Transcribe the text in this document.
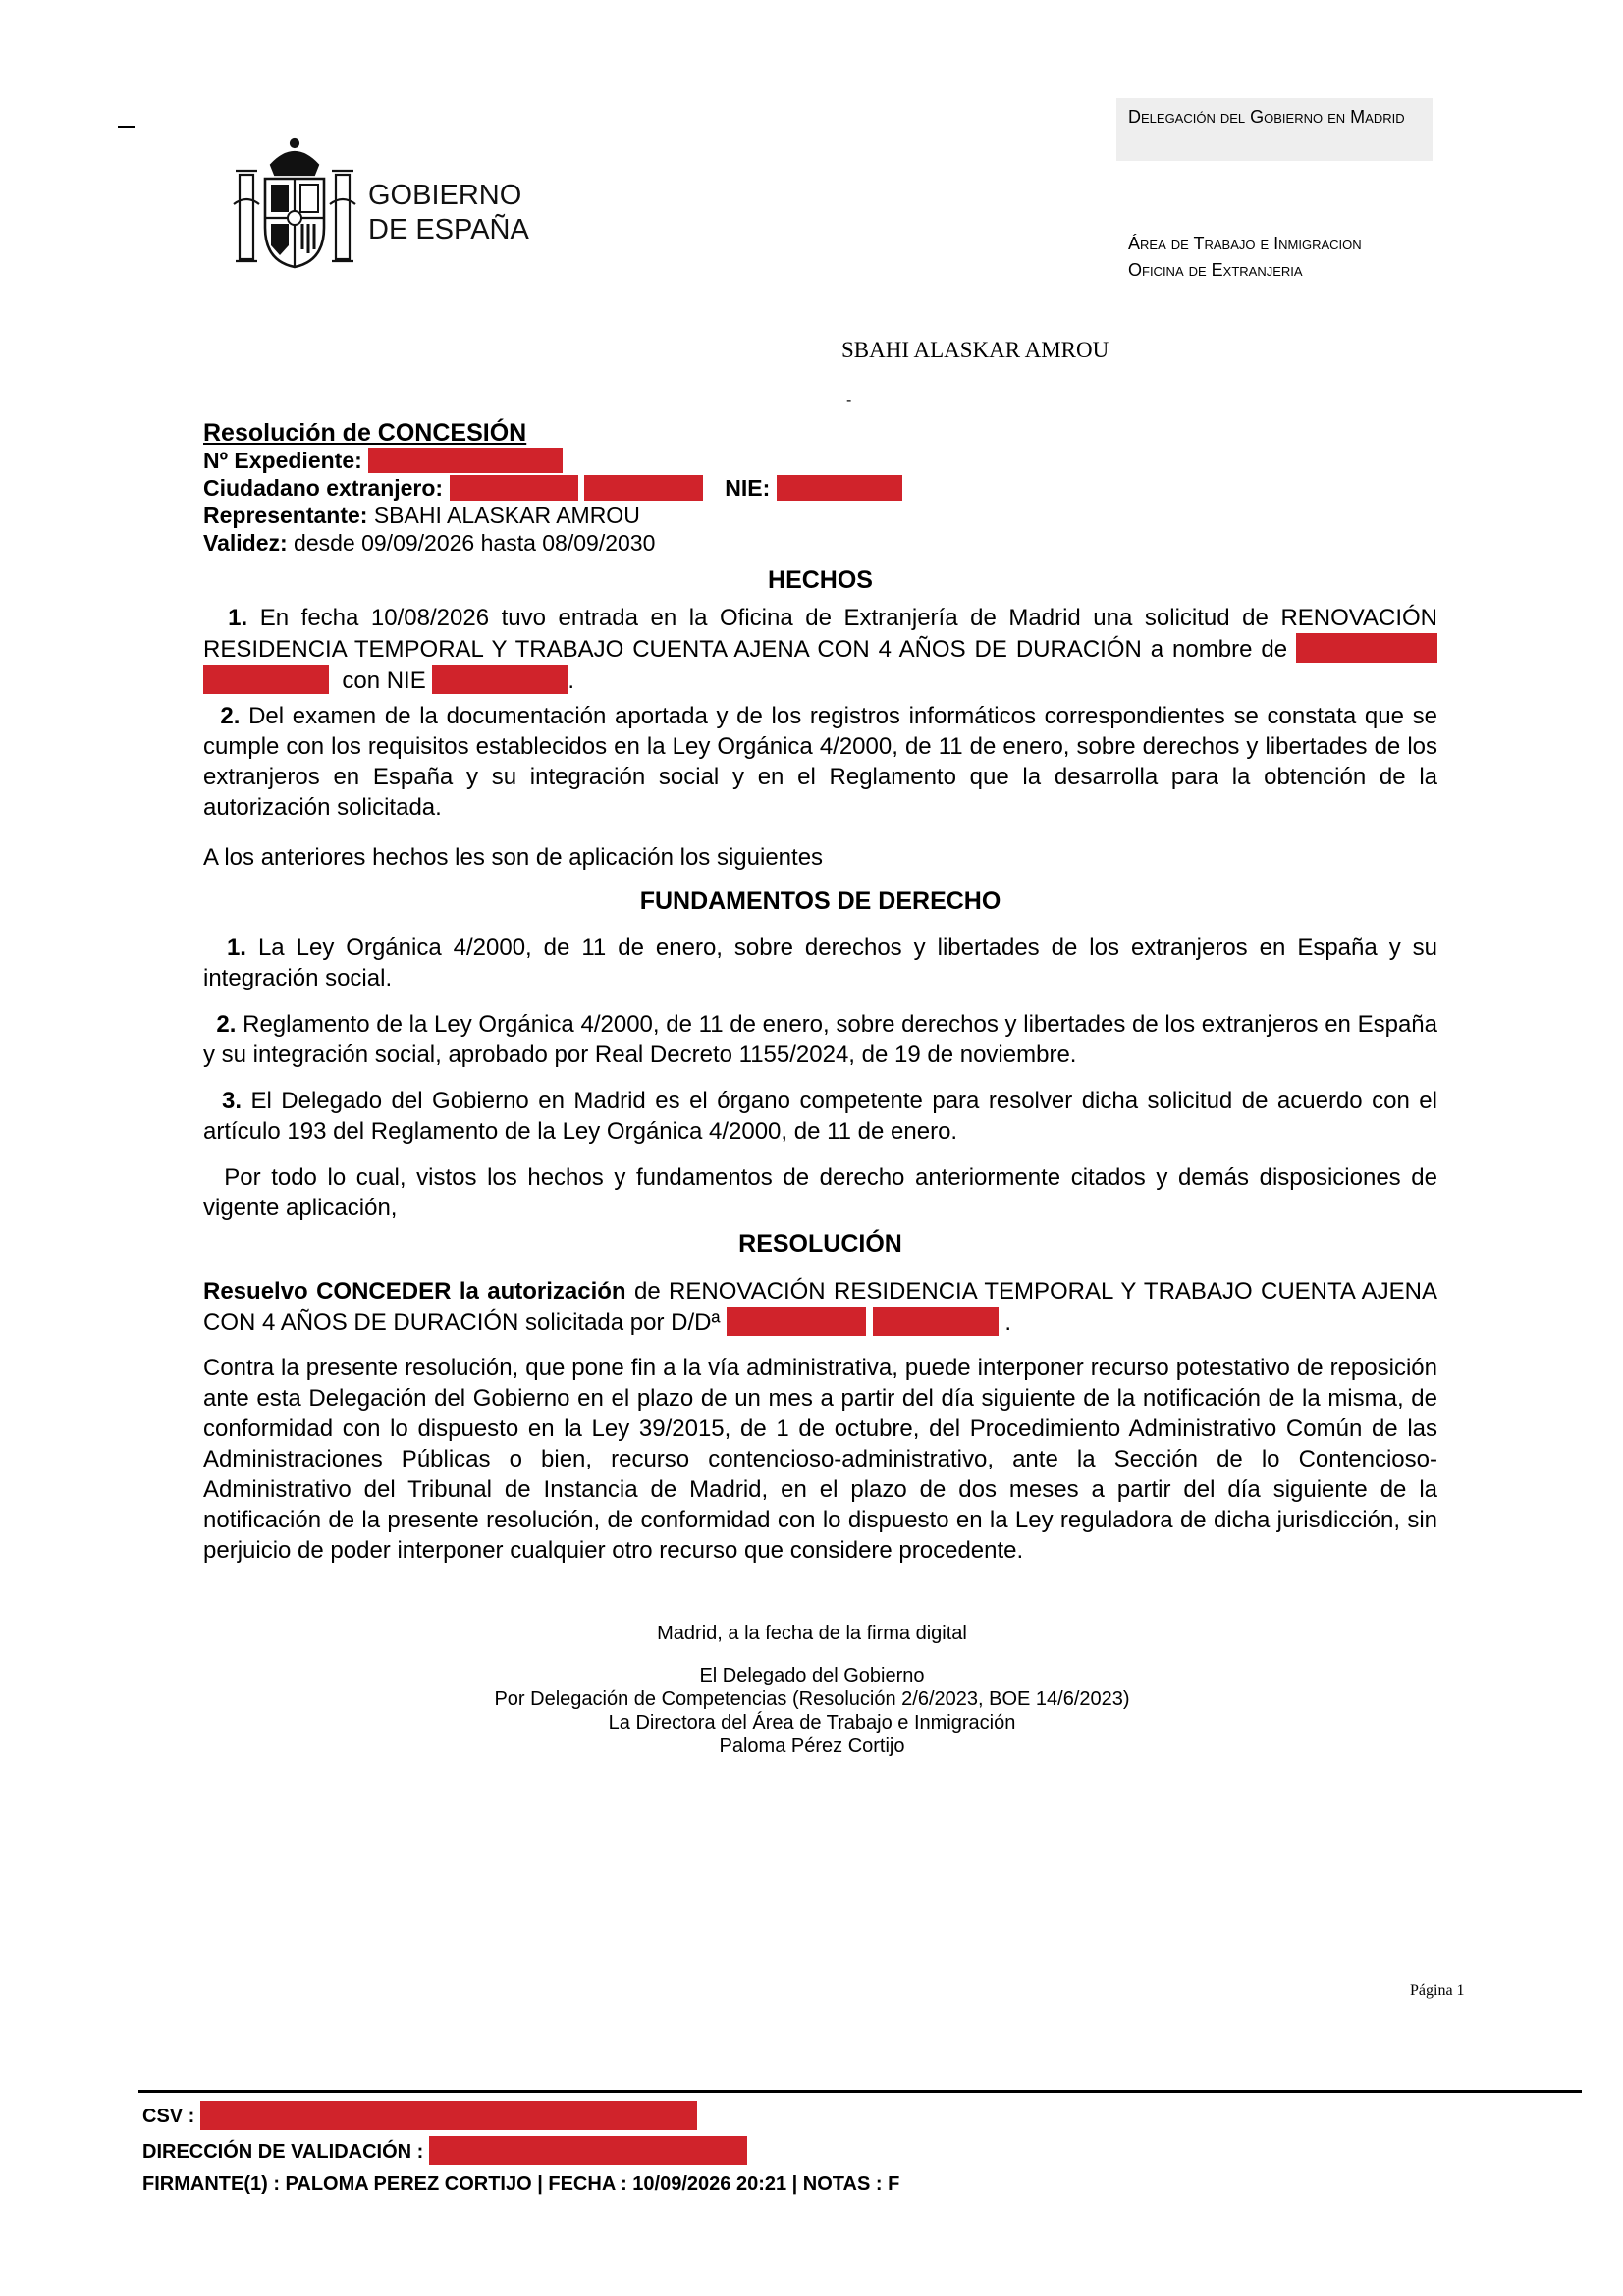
GOBIERNO
DE ESPAÑA
Delegación del Gobierno en Madrid
Área de Trabajo e Inmigracion
Oficina de Extranjeria
SBAHI ALASKAR AMROU
-
Resolución de CONCESIÓN
Nº Expediente:
Ciudadano extranjero:	NIE:
Representante: SBAHI ALASKAR AMROU
Validez: desde 09/09/2026 hasta 08/09/2030
HECHOS
1. En fecha 10/08/2026 tuvo entrada en la Oficina de Extranjería de Madrid una solicitud de RENOVACIÓN RESIDENCIA TEMPORAL Y TRABAJO CUENTA AJENA CON 4 AÑOS DE DURACIÓN a nombre de    con NIE	.
2. Del examen de la documentación aportada y de los registros informáticos correspondientes se constata que se cumple con los requisitos establecidos en la Ley Orgánica 4/2000, de 11 de enero, sobre derechos y libertades de los extranjeros en España y su integración social y en el Reglamento que la desarrolla para la obtención de la autorización solicitada.
A los anteriores hechos les son de aplicación los siguientes
FUNDAMENTOS DE DERECHO
1. La Ley Orgánica 4/2000, de 11 de enero, sobre derechos y libertades de los extranjeros en España y su integración social.
2. Reglamento de la Ley Orgánica 4/2000, de 11 de enero, sobre derechos y libertades de los extranjeros en España y su integración social, aprobado por Real Decreto 1155/2024, de 19 de noviembre.
3. El Delegado del Gobierno en Madrid es el órgano competente para resolver dicha solicitud de acuerdo con el artículo 193 del Reglamento de la Ley Orgánica 4/2000, de 11 de enero.
Por todo lo cual, vistos los hechos y fundamentos de derecho anteriormente citados y demás disposiciones de vigente aplicación,
RESOLUCIÓN
Resuelvo CONCEDER la autorización de RENOVACIÓN RESIDENCIA TEMPORAL Y TRABAJO CUENTA AJENA CON 4 AÑOS DE DURACIÓN solicitada por D/Dª	.
Contra la presente resolución, que pone fin a la vía administrativa, puede interponer recurso potestativo de reposición ante esta Delegación del Gobierno en el plazo de un mes a partir del día siguiente de la notificación de la misma, de conformidad con lo dispuesto en la Ley 39/2015, de 1 de octubre, del Procedimiento Administrativo Común de las Administraciones Públicas o bien, recurso contencioso-administrativo, ante la Sección de lo Contencioso-Administrativo del Tribunal de Instancia de Madrid, en el plazo de dos meses a partir del día siguiente de la notificación de la presente resolución, de conformidad con lo dispuesto en la Ley reguladora de dicha jurisdicción, sin perjuicio de poder interponer cualquier otro recurso que considere procedente.
Madrid, a la fecha de la firma digital
El Delegado del Gobierno
Por Delegación de Competencias (Resolución 2/6/2023, BOE 14/6/2023)
La Directora del Área de Trabajo e Inmigración
Paloma Pérez Cortijo
Página 1
CSV :
DIRECCIÓN DE VALIDACIÓN :
FIRMANTE(1) : PALOMA PEREZ CORTIJO | FECHA : 10/09/2026 20:21 | NOTAS : F
